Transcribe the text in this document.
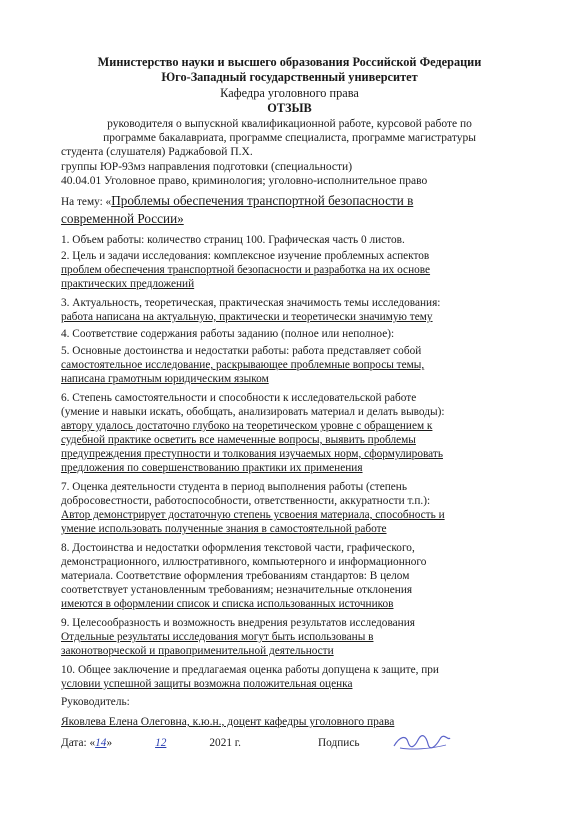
Министерство науки и высшего образования Российской Федерации
Юго-Западный государственный университет
Кафедра уголовного права
ОТЗЫВ
руководителя о выпускной квалификационной работе, курсовой работе по
программе бакалавриата, программе специалиста, программе магистратуры
студента (слушателя) Раджабовой П.Х.
группы ЮР-93мз направления подготовки (специальности)
40.04.01 Уголовное право, криминология; уголовно-исполнительное право
На тему: «Проблемы обеспечения транспортной безопасности в
современной России»
1. Объем работы: количество страниц 100. Графическая часть 0 листов.
2. Цель и задачи исследования: комплексное изучение проблемных аспектов
проблем обеспечения транспортной безопасности и разработка на их основе
практических предложений
3. Актуальность, теоретическая, практическая значимость темы исследования:
работа написана на актуальную, практически и теоретически значимую тему
4. Соответствие содержания работы заданию (полное или неполное):
5. Основные достоинства и недостатки работы: работа представляет собой
самостоятельное исследование, раскрывающее проблемные вопросы темы,
написана грамотным юридическим языком
6. Степень самостоятельности и способности к исследовательской работе
(умение и навыки искать, обобщать, анализировать материал и делать выводы):
автору удалось достаточно глубоко на теоретическом уровне с обращением к
судебной практике осветить все намеченные вопросы, выявить проблемы
предупреждения преступности и толкования изучаемых норм, сформулировать
предложения по совершенствованию практики их применения
7. Оценка деятельности студента в период выполнения работы (степень
добросовестности, работоспособности, ответственности, аккуратности т.п.):
Автор демонстрирует достаточную степень усвоения материала, способность и
умение использовать полученные знания в самостоятельной работе
8. Достоинства и недостатки оформления текстовой части, графического,
демонстрационного, иллюстративного, компьютерного и информационного
материала. Соответствие оформления требованиям стандартов: В целом
соответствует установленным требованиям; незначительные отклонения
имеются в оформлении список и списка использованных источников
9. Целесообразность и возможность внедрения результатов исследования
Отдельные результаты исследования могут быть использованы в
законотворческой и правоприменительной деятельности
10. Общее заключение и предлагаемая оценка работы допущена к защите, при
условии успешной защиты возможна положительная оценка
Руководитель:
Яковлева Елена Олеговна, к.ю.н., доцент кафедры уголовного права
Дата: «14»	12	2021 г.	Подпись
